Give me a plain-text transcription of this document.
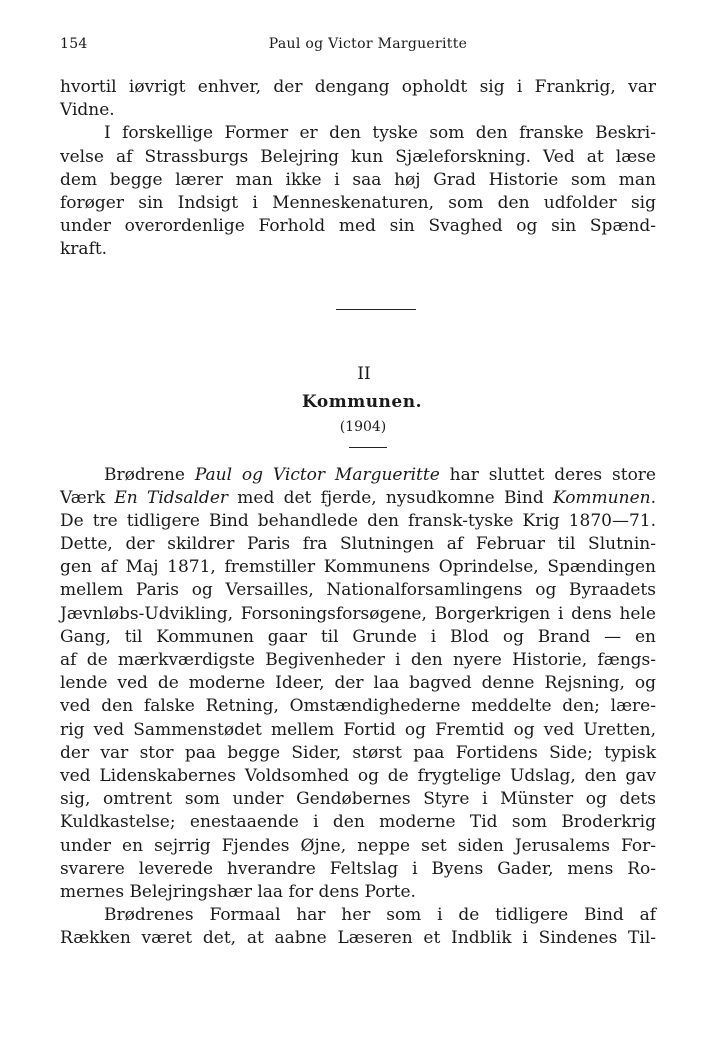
154	Paul og Victor Margueritte
hvortil iøvrigt enhver, der dengang opholdt sig i Frankrig, var
Vidne.
I forskellige Former er den tyske som den franske Beskri-
velse af Strassburgs Belejring kun Sjæleforskning. Ved at læse
dem begge lærer man ikke i saa høj Grad Historie som man
forøger sin Indsigt i Menneskenaturen, som den udfolder sig
under overordenlige Forhold med sin Svaghed og sin Spænd-
kraft.
II
Kommunen.
(1904)
Brødrene Paul og Victor Margueritte har sluttet deres store
Værk En Tidsalder med det fjerde, nysudkomne Bind Kommunen.
De tre tidligere Bind behandlede den fransk-tyske Krig 1870—71.
Dette, der skildrer Paris fra Slutningen af Februar til Slutnin-
gen af Maj 1871, fremstiller Kommunens Oprindelse, Spændingen
mellem Paris og Versailles, Nationalforsamlingens og Byraadets
Jævnløbs-Udvikling, Forsoningsforsøgene, Borgerkrigen i dens hele
Gang, til Kommunen gaar til Grunde i Blod og Brand — en
af de mærkværdigste Begivenheder i den nyere Historie, fængs-
lende ved de moderne Ideer, der laa bagved denne Rejsning, og
ved den falske Retning, Omstændighederne meddelte den; lære-
rig ved Sammenstødet mellem Fortid og Fremtid og ved Uretten,
der var stor paa begge Sider, størst paa Fortidens Side; typisk
ved Lidenskabernes Voldsomhed og de frygtelige Udslag, den gav
sig, omtrent som under Gendøbernes Styre i Münster og dets
Kuldkastelse; enestaaende i den moderne Tid som Broderkrig
under en sejrrig Fjendes Øjne, neppe set siden Jerusalems For-
svarere leverede hverandre Feltslag i Byens Gader, mens Ro-
mernes Belejringshær laa for dens Porte.
Brødrenes Formaal har her som i de tidligere Bind af
Rækken været det, at aabne Læseren et Indblik i Sindenes Til-
